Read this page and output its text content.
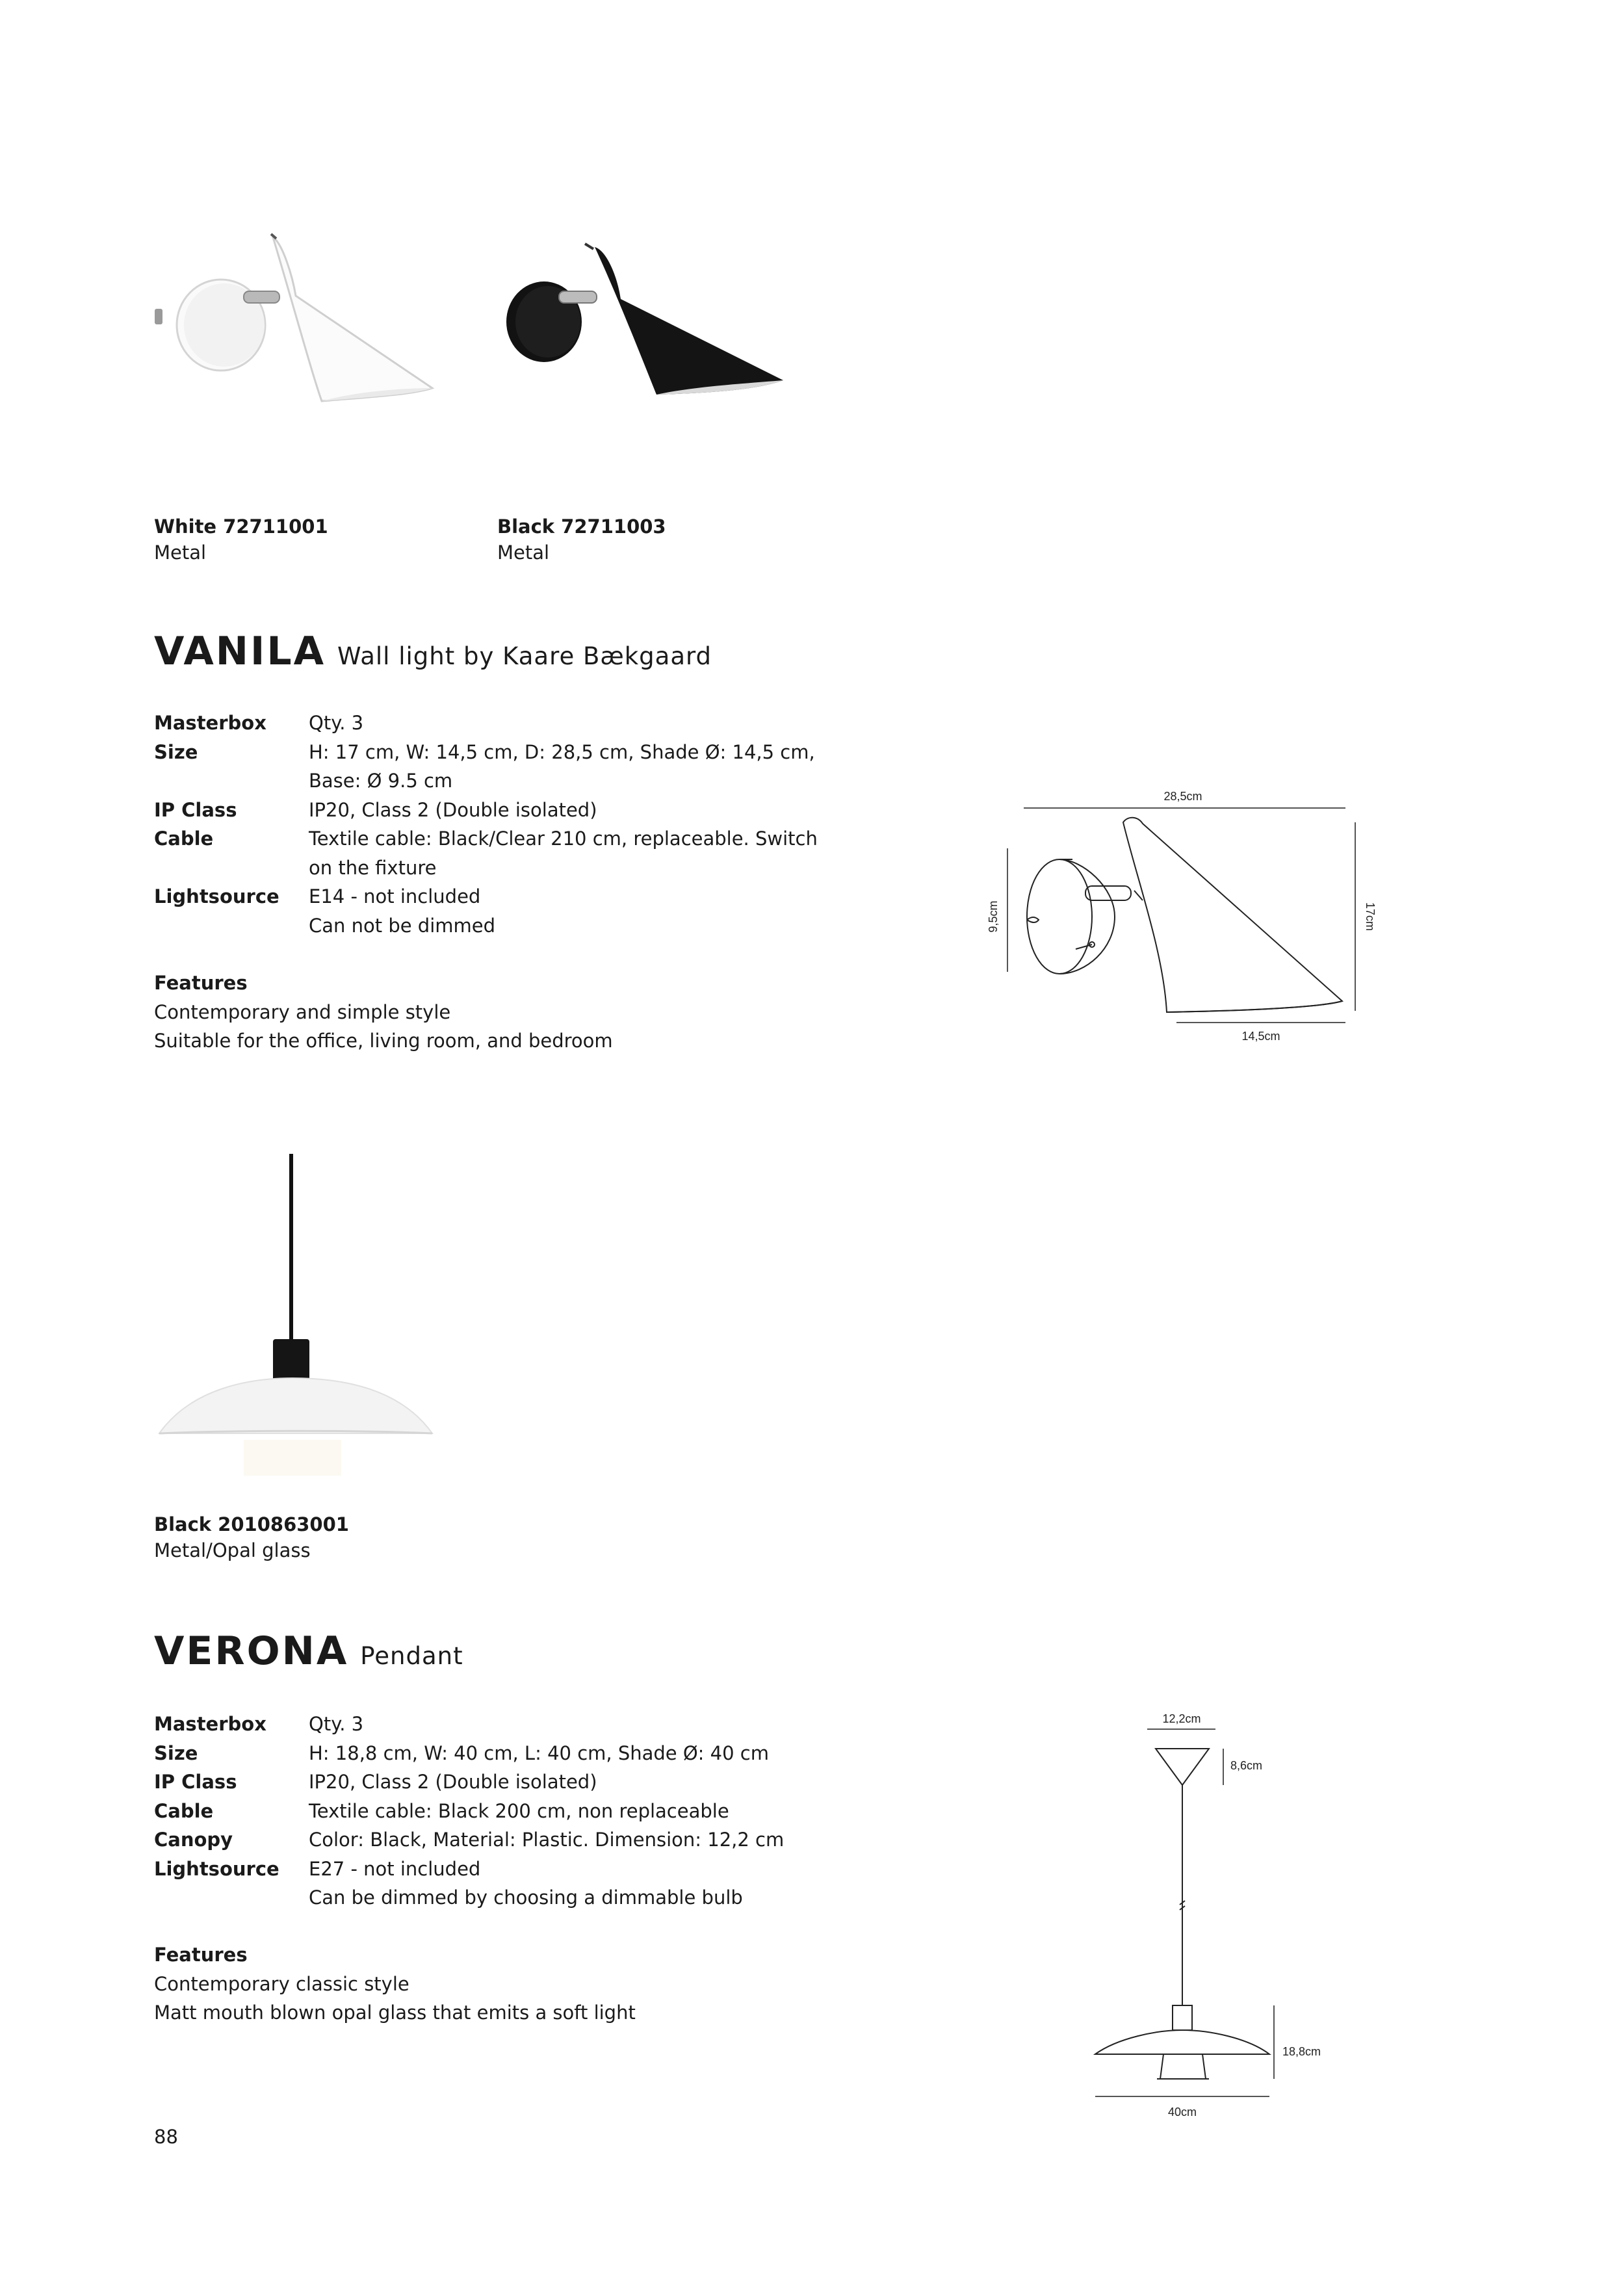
White 72711001
Metal
Black 72711003
Metal
VANILA Wall light by Kaare Bækgaard
Masterbox	Qty. 3
Size	H: 17 cm, W: 14,5 cm, D: 28,5 cm, Shade Ø: 14,5 cm, Base: Ø 9.5 cm
IP Class	IP20, Class 2 (Double isolated)
Cable	Textile cable: Black/Clear 210 cm, replaceable. Switch on the fixture
Lightsource	E14 - not included
Can not be dimmed
Features
Contemporary and simple style
Suitable for the office, living room, and bedroom
28,5cm
17cm
9,5cm
14,5cm
Black 2010863001
Metal/Opal glass
VERONA Pendant
Masterbox	Qty. 3
Size	H: 18,8 cm, W: 40 cm, L: 40 cm, Shade Ø: 40 cm
IP Class	IP20, Class 2 (Double isolated)
Cable	Textile cable: Black 200 cm, non replaceable
Canopy	Color: Black, Material: Plastic. Dimension: 12,2 cm
Lightsource	E27 - not included
Can be dimmed by choosing a dimmable bulb
Features
Contemporary classic style
Matt mouth blown opal glass that emits a soft light
12,2cm
8,6cm
18,8cm
40cm
88
